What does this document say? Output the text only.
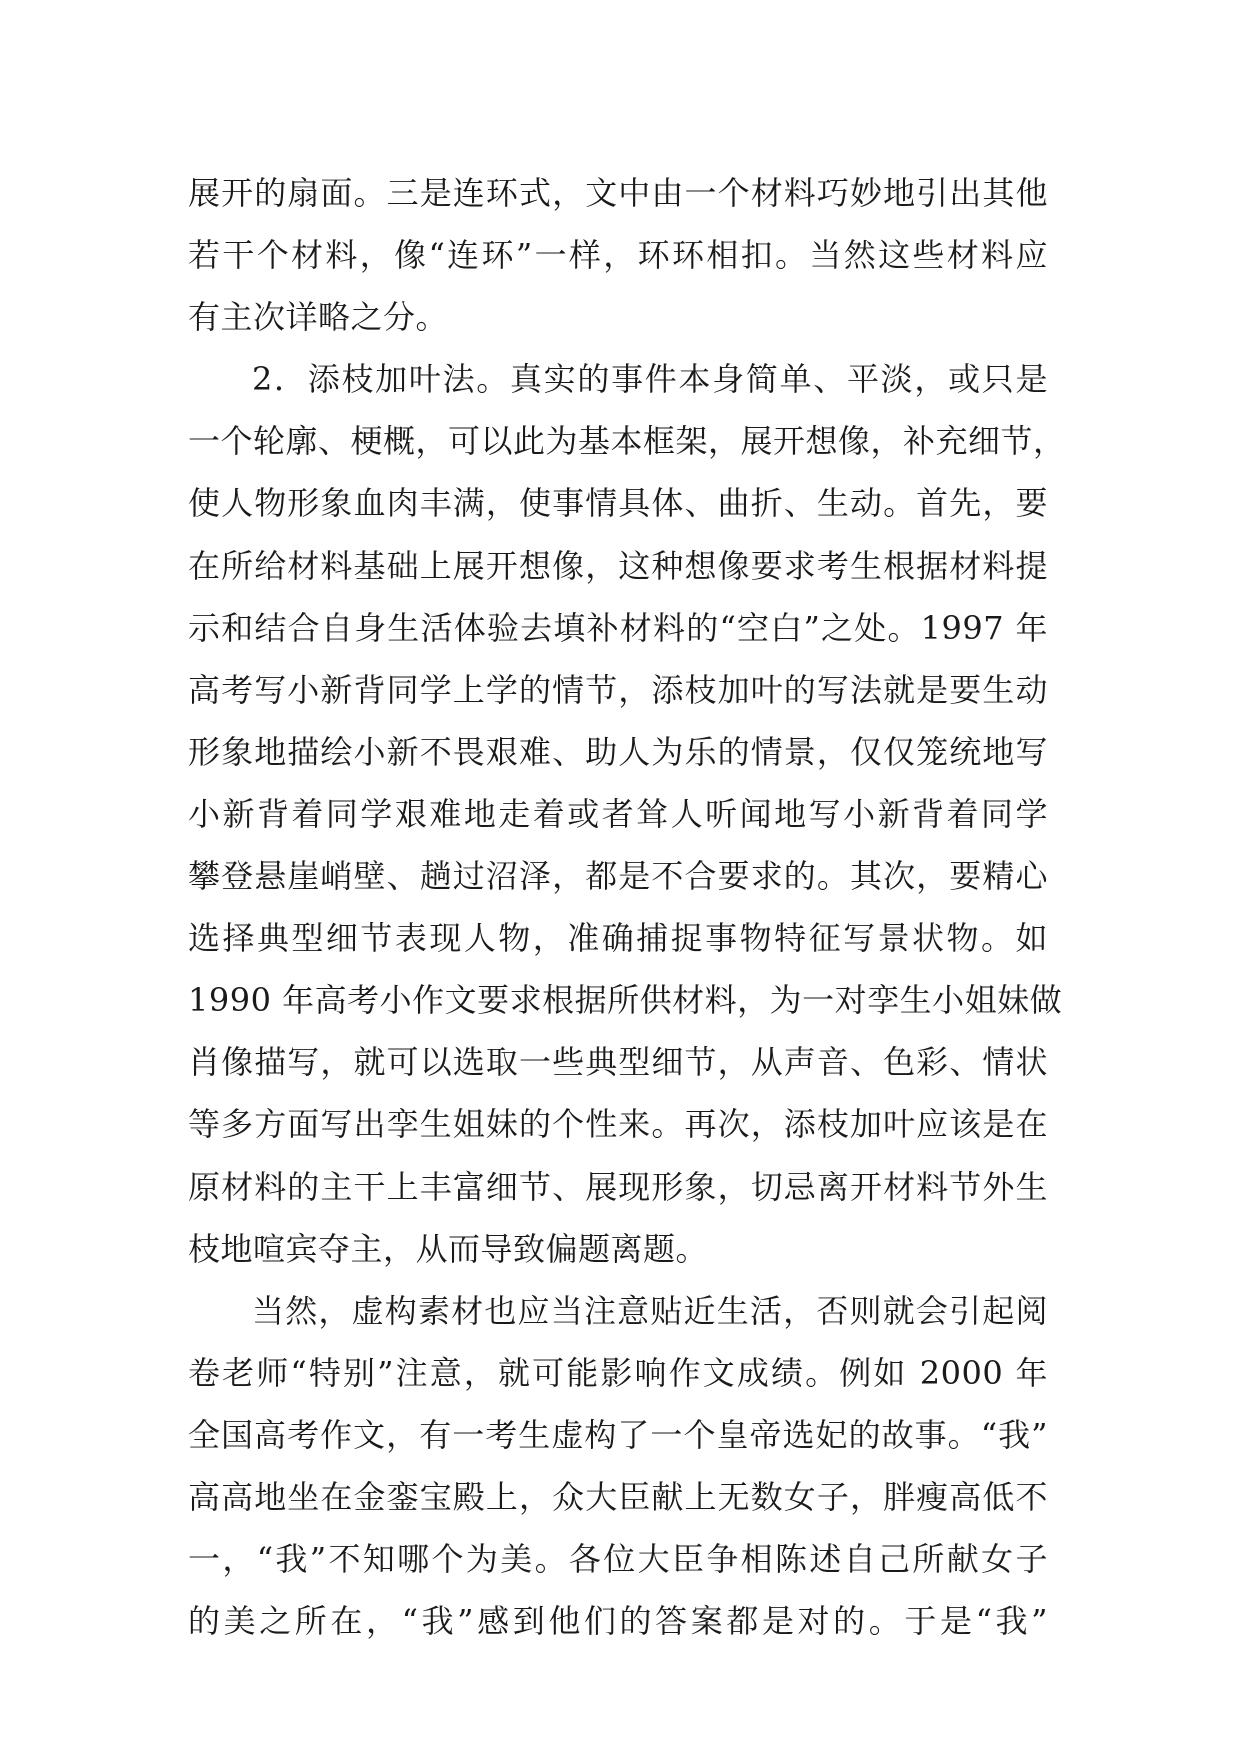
展开的扇面。三是连环式，文中由一个材料巧妙地引出其他
若干个材料，像“连环”一样，环环相扣。当然这些材料应
有主次详略之分。
2．添枝加叶法。真实的事件本身简单、平淡，或只是
一个轮廓、梗概，可以此为基本框架，展开想像，补充细节，
使人物形象血肉丰满，使事情具体、曲折、生动。首先，要
在所给材料基础上展开想像，这种想像要求考生根据材料提
示和结合自身生活体验去填补材料的“空白”之处。1997 年
高考写小新背同学上学的情节，添枝加叶的写法就是要生动
形象地描绘小新不畏艰难、助人为乐的情景，仅仅笼统地写
小新背着同学艰难地走着或者耸人听闻地写小新背着同学
攀登悬崖峭壁、趟过沼泽，都是不合要求的。其次，要精心
选择典型细节表现人物，准确捕捉事物特征写景状物。如
1990 年高考小作文要求根据所供材料，为一对孪生小姐妹做
肖像描写，就可以选取一些典型细节，从声音、色彩、情状
等多方面写出孪生姐妹的个性来。再次，添枝加叶应该是在
原材料的主干上丰富细节、展现形象，切忌离开材料节外生
枝地喧宾夺主，从而导致偏题离题。
当然，虚构素材也应当注意贴近生活，否则就会引起阅
卷老师“特别”注意，就可能影响作文成绩。例如 2000 年
全国高考作文，有一考生虚构了一个皇帝选妃的故事。“我”
高高地坐在金銮宝殿上，众大臣献上无数女子，胖瘦高低不
一，“我”不知哪个为美。各位大臣争相陈述自己所献女子
的美之所在，“我”感到他们的答案都是对的。于是“我”
